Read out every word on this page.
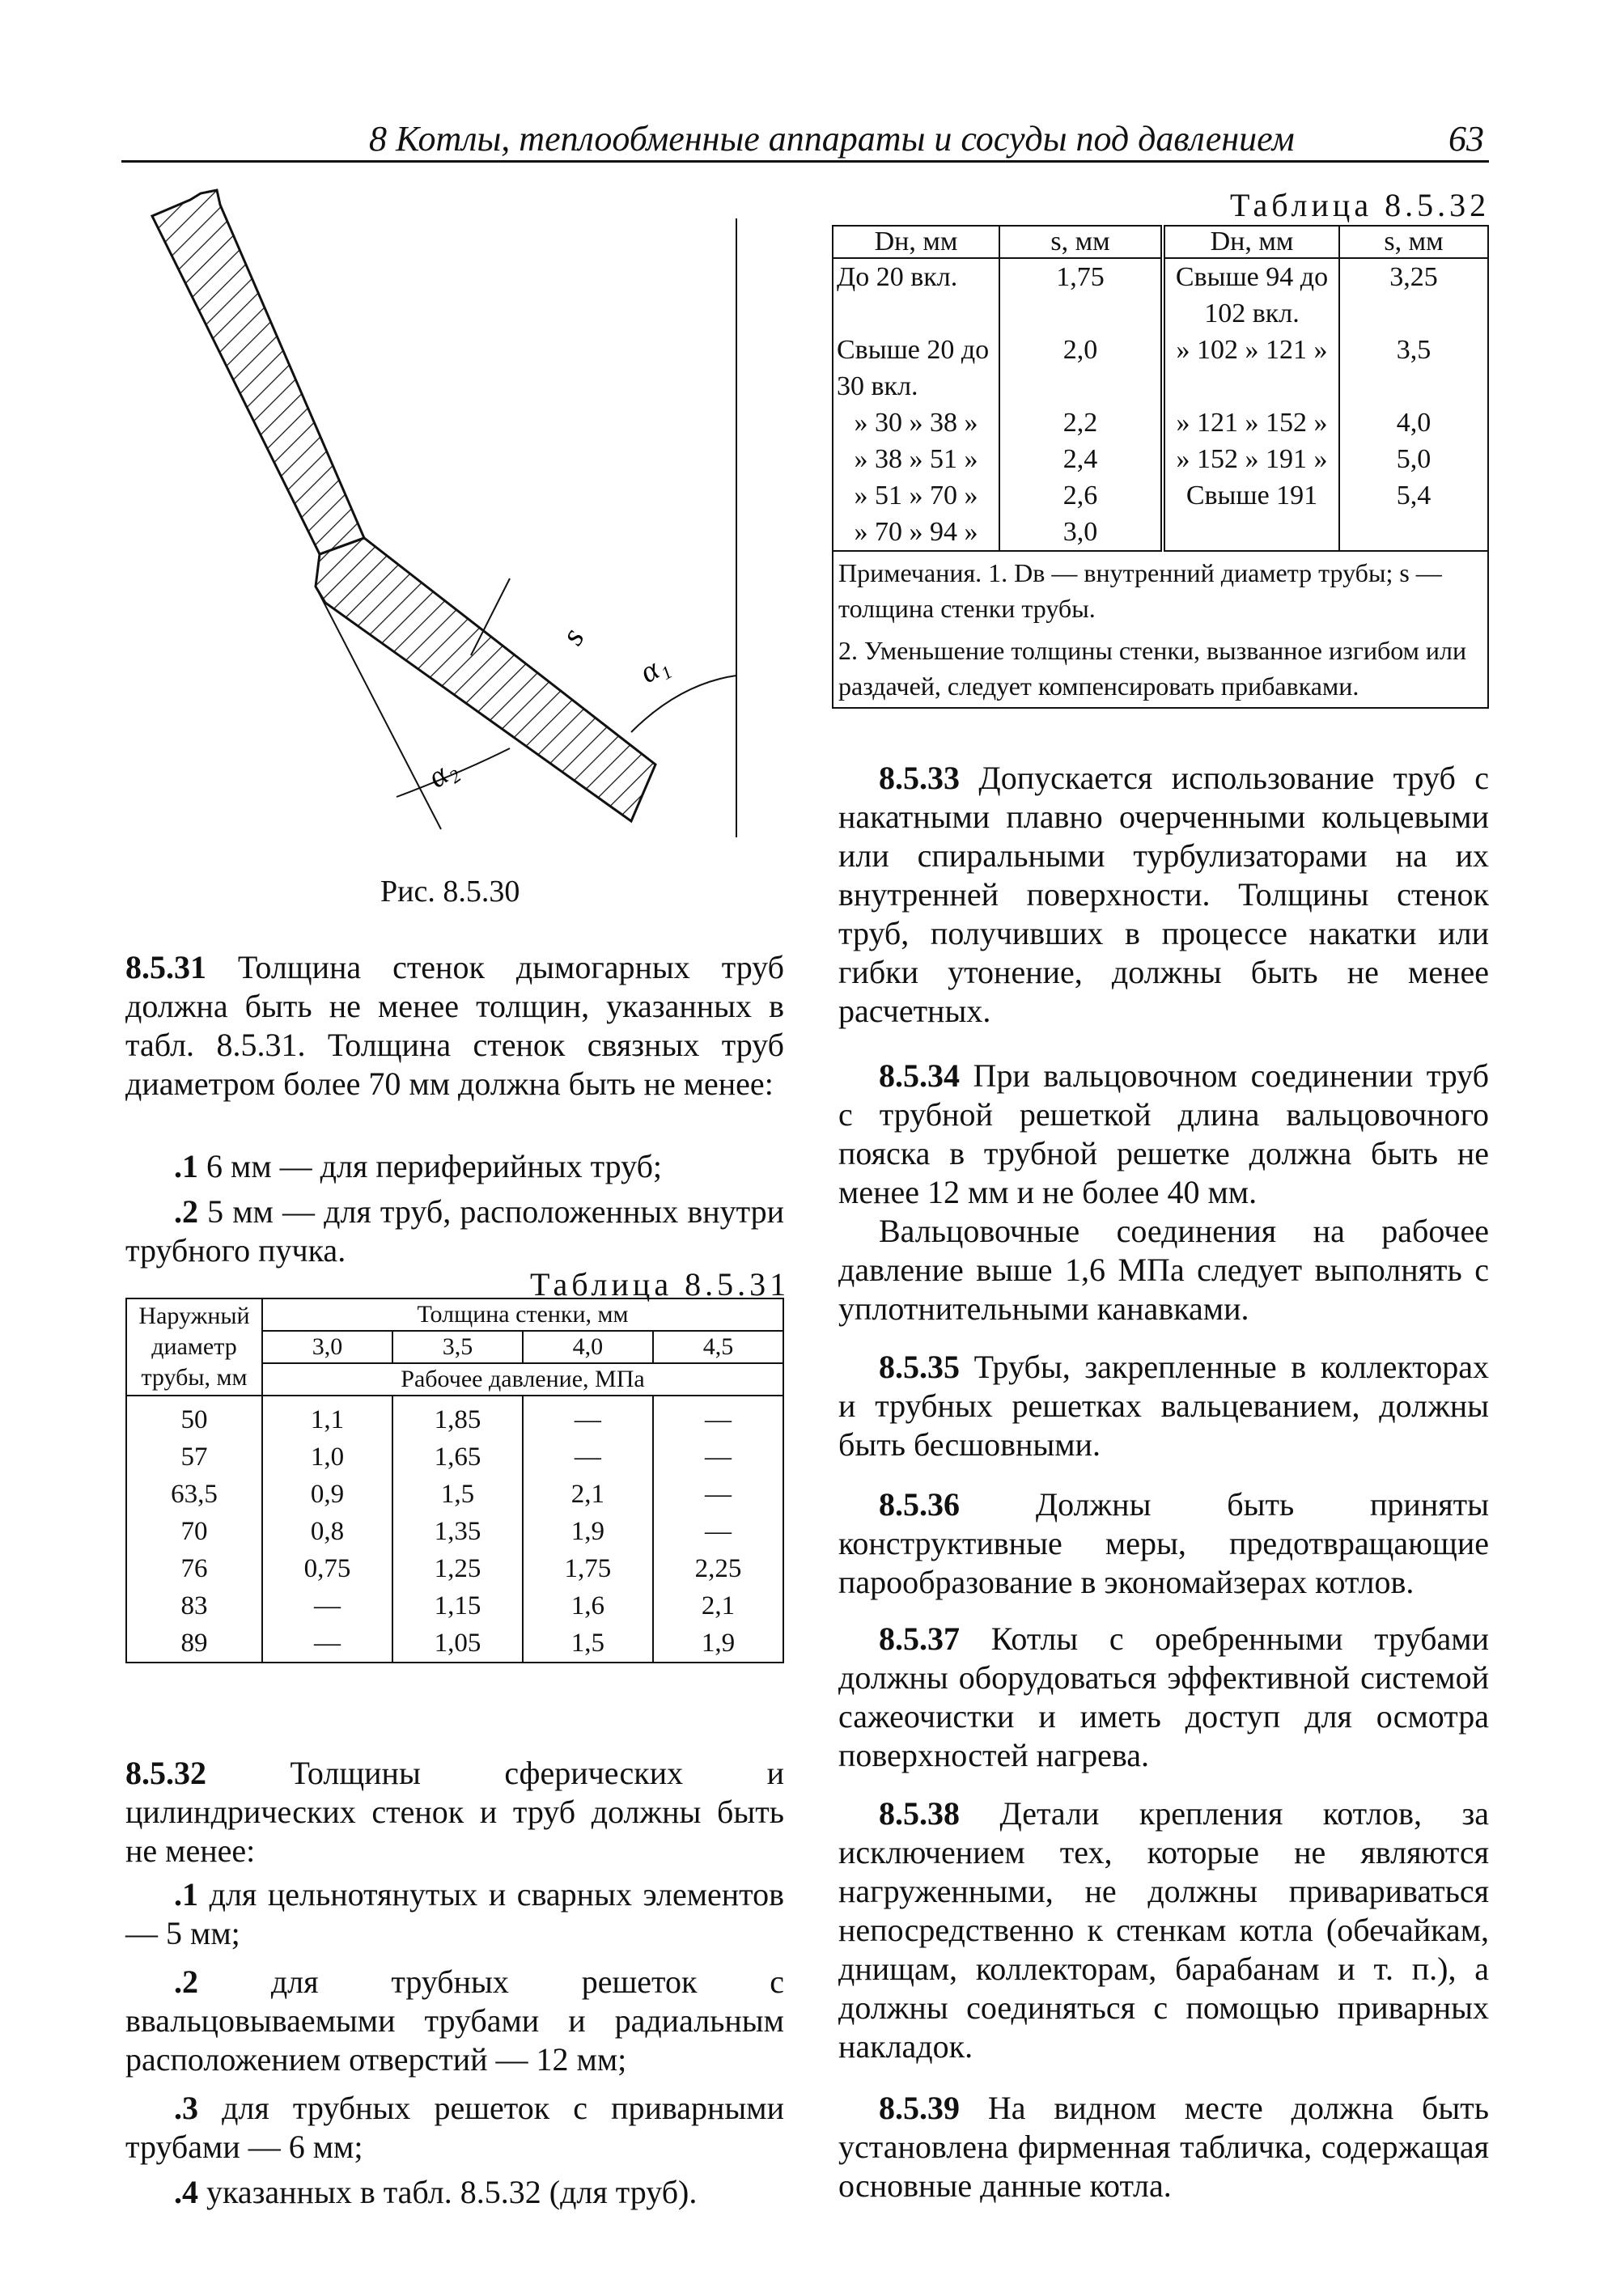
8 Котлы, теплообменные аппараты и сосуды под давлением	63
s
α₁
α₂
Рис. 8.5.30
8.5.31 Толщина стенок дымогарных труб должна быть не менее толщин, указанных в табл. 8.5.31. Толщина стенок связных труб диаметром более 70 мм должна быть не менее:
.1 6 мм — для периферийных труб;
.2 5 мм — для труб, расположенных внутри трубного пучка.
Таблица 8.5.31
Наружный диаметр трубы, мм	Толщина стенки, мм			
	3,0	3,5	4,0	4,5
	Рабочее давление, МПа			
50	1,1	1,85	—	—
57	1,0	1,65	—	—
63,5	0,9	1,5	2,1	—
70	0,8	1,35	1,9	—
76	0,75	1,25	1,75	2,25
83	—	1,15	1,6	2,1
89	—	1,05	1,5	1,9
8.5.32	Толщины сферических и цилиндрических стенок и труб должны быть не менее:
.1 для цельнотянутых и сварных элементов — 5 мм;
.2 для трубных решеток с ввальцовываемыми трубами и радиальным расположением отверстий — 12 мм;
.3 для трубных решеток с приварными трубами — 6 мм;
.4 указанных в табл. 8.5.32 (для труб).
Таблица 8.5.32
Dн, мм	s, мм	Dн, мм	s, мм
До 20 вкл.	1,75	Свыше 94 до 102 вкл.	3,25
Свыше 20 до 30 вкл.	2,0	» 102 » 121 »	3,5
» 30 » 38 »	2,2	» 121 » 152 »	4,0
» 38 » 51 »	2,4	» 152 » 191 »	5,0
» 51 » 70 »	2,6	Свыше 191	5,4
» 70 » 94 »	3,0		
Примечания. 1. Dв — внутренний диаметр трубы; s — толщина стенки трубы.			
2. Уменьшение толщины стенки, вызванное изгибом или раздачей, следует компенсировать прибавками.			
8.5.33 Допускается использование труб с накатными плавно очерченными кольцевыми или спиральными турбулизаторами на их внутренней поверхности. Толщины стенок труб, получивших в процессе накатки или гибки утонение, должны быть не менее расчетных.
8.5.34 При вальцовочном соединении труб с трубной решеткой длина вальцовочного пояска в трубной решетке должна быть не менее 12 мм и не более 40 мм.
Вальцовочные соединения на рабочее давление выше 1,6 МПа следует выполнять с уплотнительными канавками.
8.5.35 Трубы, закрепленные в коллекторах и трубных решетках вальцеванием, должны быть бесшовными.
8.5.36 Должны быть приняты конструктивные меры, предотвращающие парообразование в экономайзерах котлов.
8.5.37 Котлы с оребренными трубами должны оборудоваться эффективной системой сажеочистки и иметь доступ для осмотра поверхностей нагрева.
8.5.38 Детали крепления котлов, за исключением тех, которые не являются нагруженными, не должны привариваться непосредственно к стенкам котла (обечайкам, днищам, коллекторам, барабанам и т. п.), а должны соединяться с помощью приварных накладок.
8.5.39 На видном месте должна быть установлена фирменная табличка, содержащая основные данные котла.
